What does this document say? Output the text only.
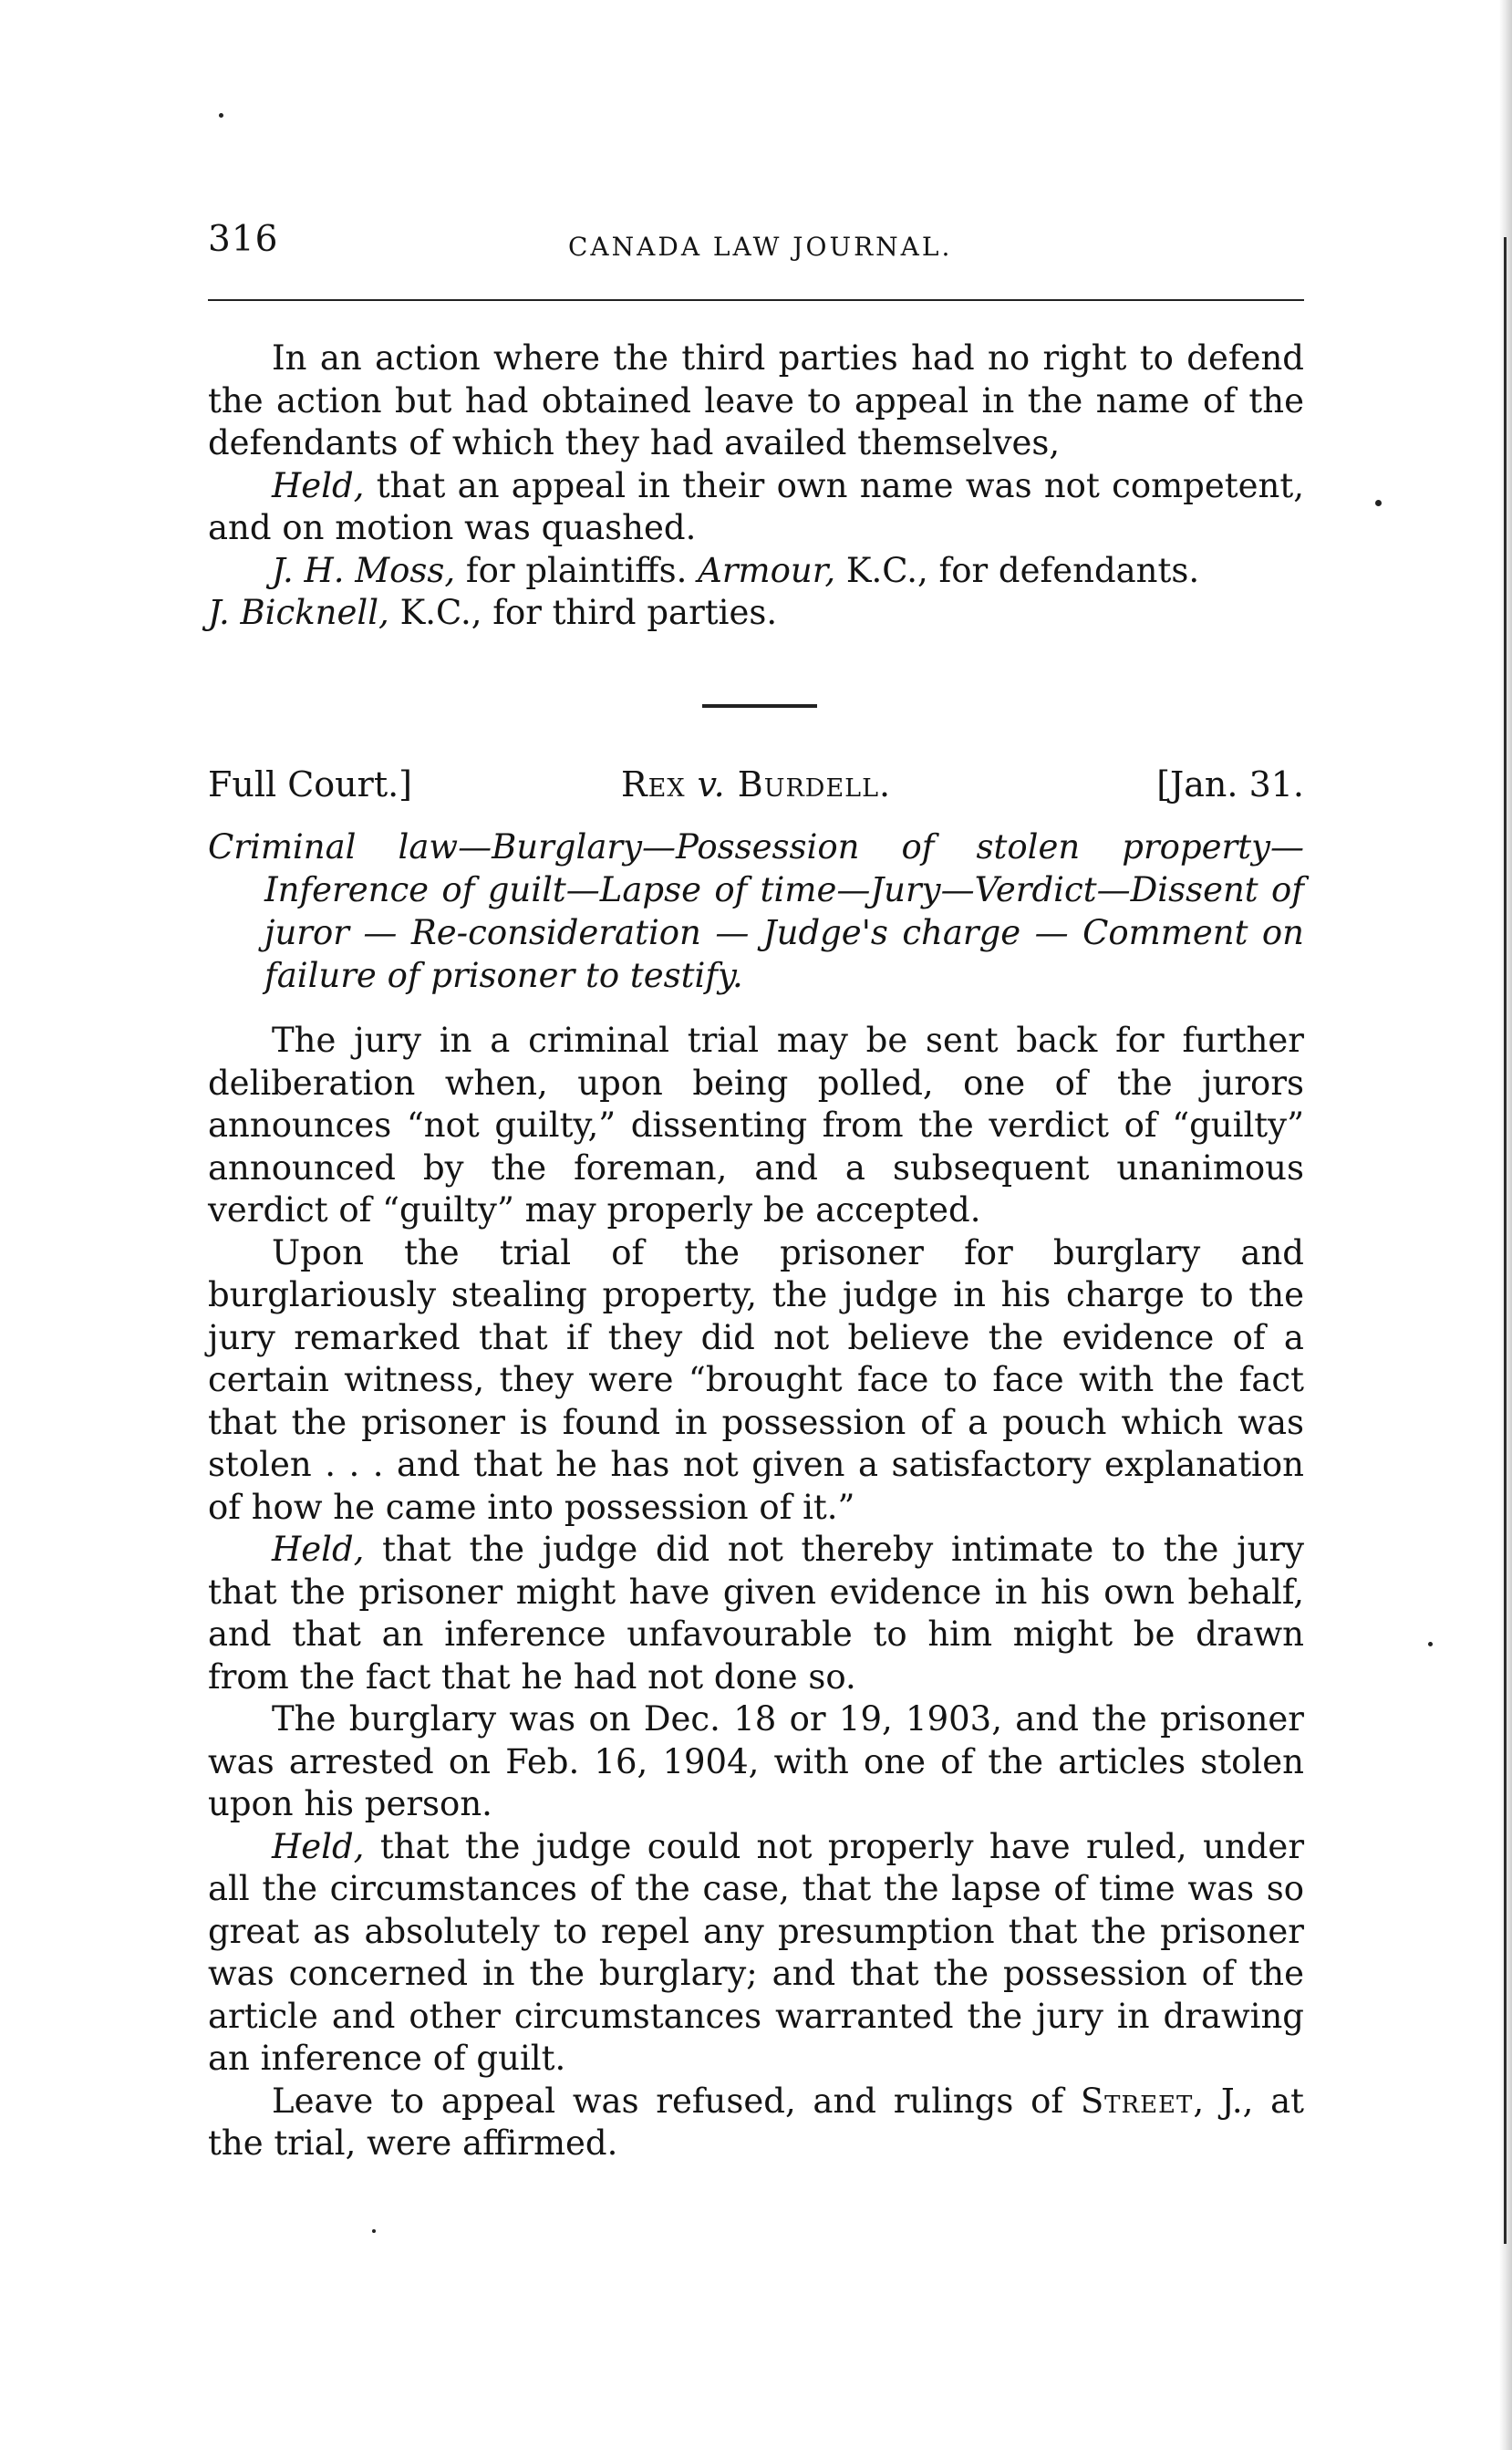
316	CANADA LAW JOURNAL.

In an action where the third parties had no right to defend the action but had obtained leave to appeal in the name of the defendants of which they had availed themselves,

Held, that an appeal in their own name was not competent, and on motion was quashed.

J. H. Moss, for plaintiffs. Armour, K.C., for defendants.

J. Bicknell, K.C., for third parties.

Full Court.]	Rex v. Burdell.	[Jan. 31.
Criminal law—Burglary—Possession of stolen property—Inference of guilt—Lapse of time—Jury—Verdict—Dissent of juror — Re-consideration — Judge's charge — Comment on failure of prisoner to testify.

The jury in a criminal trial may be sent back for further deliberation when, upon being polled, one of the jurors announces “not guilty,” dissenting from the verdict of “guilty” announced by the foreman, and a subsequent unanimous verdict of “guilty” may properly be accepted.

Upon the trial of the prisoner for burglary and burglariously stealing property, the judge in his charge to the jury remarked that if they did not believe the evidence of a certain witness, they were “brought face to face with the fact that the prisoner is found in possession of a pouch which was stolen . . . and that he has not given a satisfactory explanation of how he came into possession of it.”

Held, that the judge did not thereby intimate to the jury that the prisoner might have given evidence in his own behalf, and that an inference unfavourable to him might be drawn from the fact that he had not done so.

The burglary was on Dec. 18 or 19, 1903, and the prisoner was arrested on Feb. 16, 1904, with one of the articles stolen upon his person.

Held, that the judge could not properly have ruled, under all the circumstances of the case, that the lapse of time was so great as absolutely to repel any presumption that the prisoner was concerned in the burglary; and that the possession of the article and other circumstances warranted the jury in drawing an inference of guilt.

Leave to appeal was refused, and rulings of Street, J., at the trial, were affirmed.
